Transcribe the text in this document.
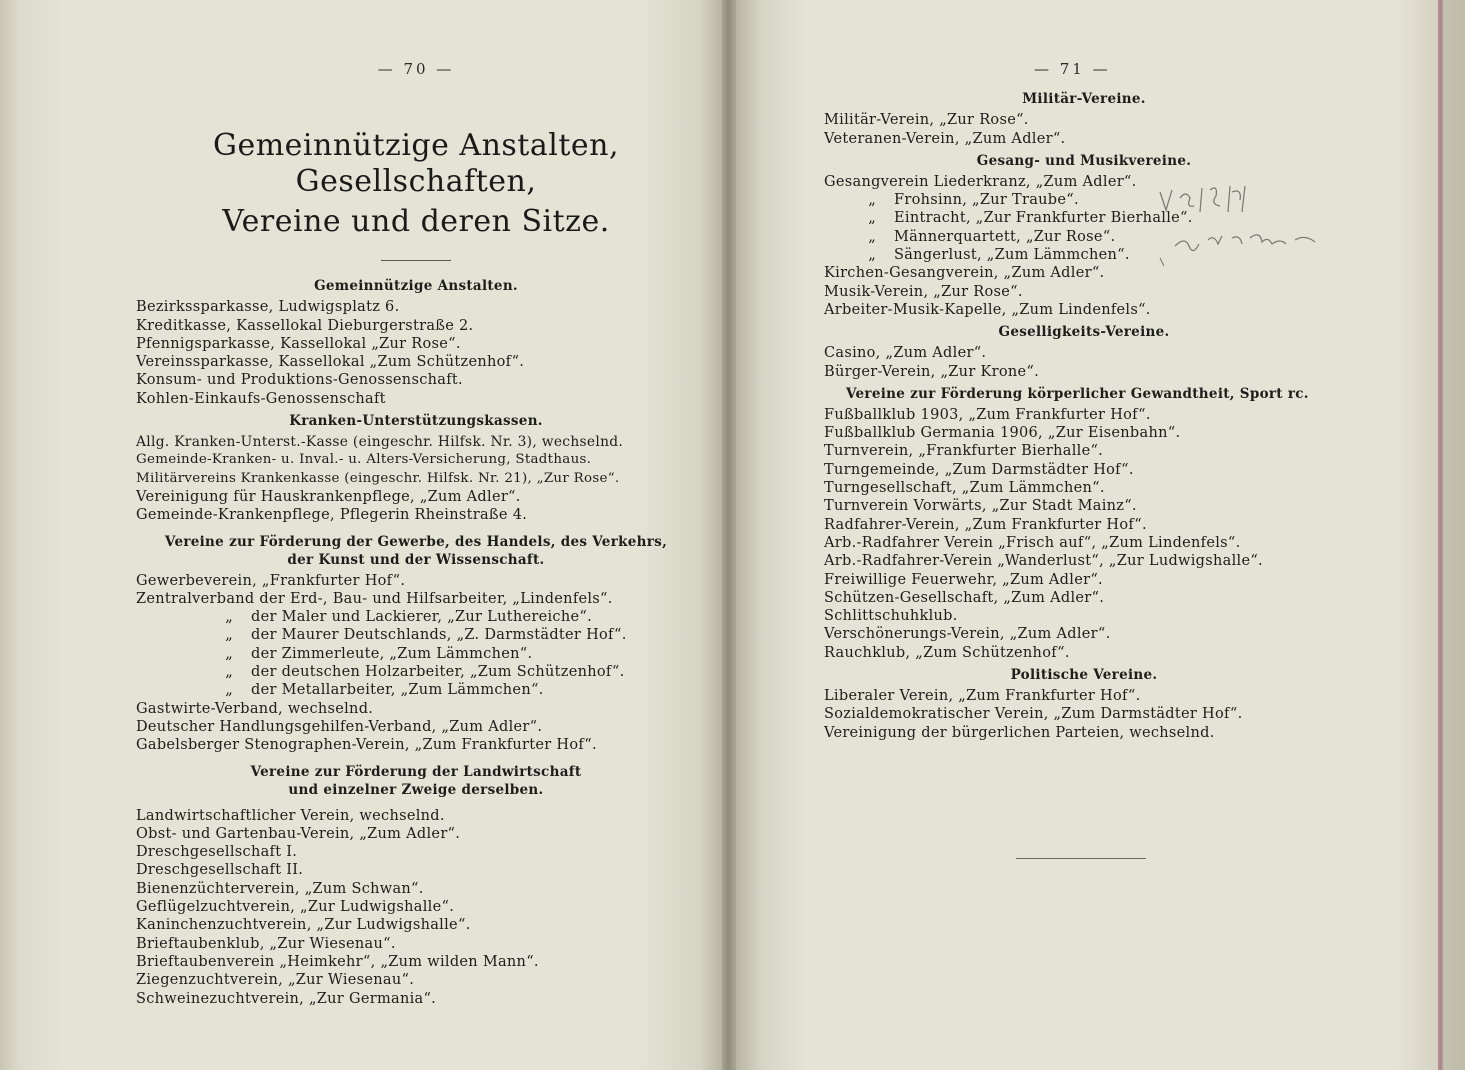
— 70 —
Gemeinnützige Anstalten, Gesellschaften,
Vereine und deren Sitze.
Gemeinnützige Anstalten.
Bezirkssparkasse, Ludwigsplatz 6.
Kreditkasse, Kassellokal Dieburgerstraße 2.
Pfennigsparkasse, Kassellokal „Zur Rose“.
Vereinssparkasse, Kassellokal „Zum Schützenhof“.
Konsum- und Produktions-Genossenschaft.
Kohlen-Einkaufs-Genossenschaft
Kranken-Unterstützungskassen.
Allg. Kranken-Unterst.-Kasse (eingeschr. Hilfsk. Nr. 3), wechselnd.
Gemeinde-Kranken- u. Inval.- u. Alters-Versicherung, Stadthaus.
Militärvereins Krankenkasse (eingeschr. Hilfsk. Nr. 21), „Zur Rose“.
Vereinigung für Hauskrankenpflege, „Zum Adler“.
Gemeinde-Krankenpflege, Pflegerin Rheinstraße 4.
Vereine zur Förderung der Gewerbe, des Handels, des Verkehrs,
der Kunst und der Wissenschaft.
Gewerbeverein, „Frankfurter Hof“.
Zentralverband der Erd-, Bau- und Hilfsarbeiter, „Lindenfels“.
„ der Maler und Lackierer, „Zur Luthereiche“.
„ der Maurer Deutschlands, „Z. Darmstädter Hof“.
„ der Zimmerleute, „Zum Lämmchen“.
„ der deutschen Holzarbeiter, „Zum Schützenhof“.
„ der Metallarbeiter, „Zum Lämmchen“.
Gastwirte-Verband, wechselnd.
Deutscher Handlungsgehilfen-Verband, „Zum Adler“.
Gabelsberger Stenographen-Verein, „Zum Frankfurter Hof“.
Vereine zur Förderung der Landwirtschaft
und einzelner Zweige derselben.
Landwirtschaftlicher Verein, wechselnd.
Obst- und Gartenbau-Verein, „Zum Adler“.
Dreschgesellschaft I.
Dreschgesellschaft II.
Bienenzüchterverein, „Zum Schwan“.
Geflügelzuchtverein, „Zur Ludwigshalle“.
Kaninchenzuchtverein, „Zur Ludwigshalle“.
Brieftaubenklub, „Zur Wiesenau“.
Brieftaubenverein „Heimkehr“, „Zum wilden Mann“.
Ziegenzuchtverein, „Zur Wiesenau“.
Schweinezuchtverein, „Zur Germania“.
— 71 —
Militär-Vereine.
Militär-Verein, „Zur Rose“.
Veteranen-Verein, „Zum Adler“.
Gesang- und Musikvereine.
Gesangverein Liederkranz, „Zum Adler“.
„ Frohsinn, „Zur Traube“.
„ Eintracht, „Zur Frankfurter Bierhalle“.
„ Männerquartett, „Zur Rose“.
„ Sängerlust, „Zum Lämmchen“.
Kirchen-Gesangverein, „Zum Adler“.
Musik-Verein, „Zur Rose“.
Arbeiter-Musik-Kapelle, „Zum Lindenfels“.
Geselligkeits-Vereine.
Casino, „Zum Adler“.
Bürger-Verein, „Zur Krone“.
Vereine zur Förderung körperlicher Gewandtheit, Sport rc.
Fußballklub 1903, „Zum Frankfurter Hof“.
Fußballklub Germania 1906, „Zur Eisenbahn“.
Turnverein, „Frankfurter Bierhalle“.
Turngemeinde, „Zum Darmstädter Hof“.
Turngesellschaft, „Zum Lämmchen“.
Turnverein Vorwärts, „Zur Stadt Mainz“.
Radfahrer-Verein, „Zum Frankfurter Hof“.
Arb.-Radfahrer Verein „Frisch auf“, „Zum Lindenfels“.
Arb.-Radfahrer-Verein „Wanderlust“, „Zur Ludwigshalle“.
Freiwillige Feuerwehr, „Zum Adler“.
Schützen-Gesellschaft, „Zum Adler“.
Schlittschuhklub.
Verschönerungs-Verein, „Zum Adler“.
Rauchklub, „Zum Schützenhof“.
Politische Vereine.
Liberaler Verein, „Zum Frankfurter Hof“.
Sozialdemokratischer Verein, „Zum Darmstädter Hof“.
Vereinigung der bürgerlichen Parteien, wechselnd.
